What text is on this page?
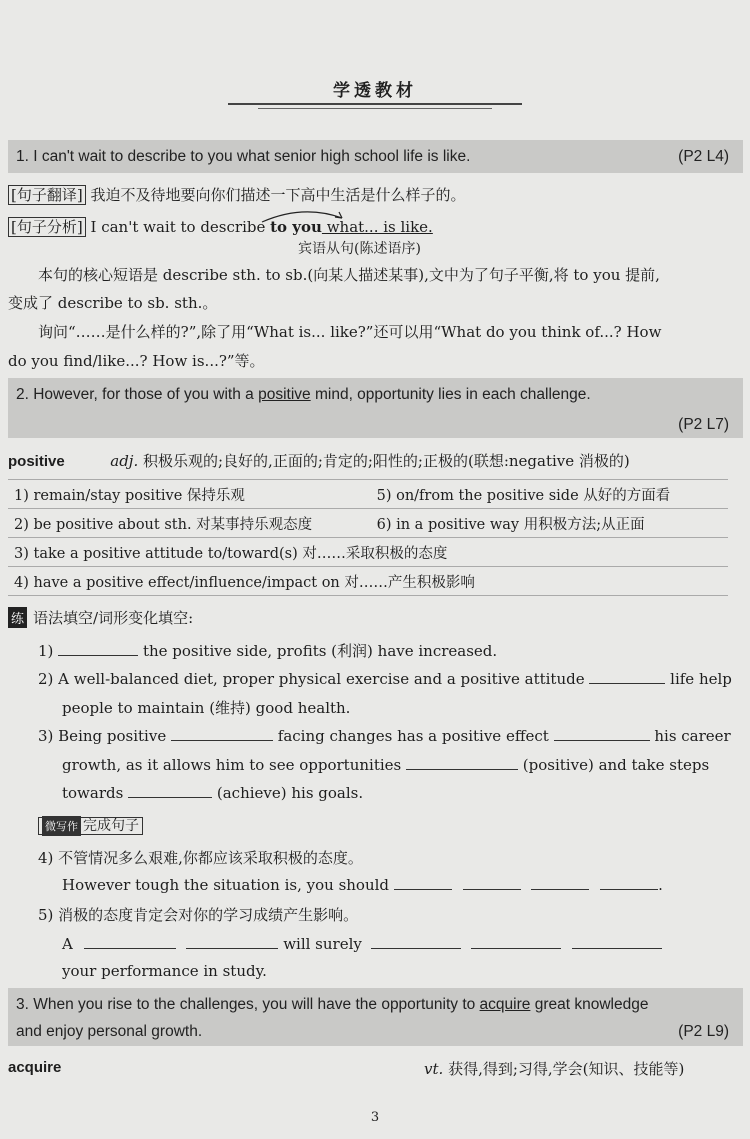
学透教材
1. I can't wait to describe to you what senior high school life is like.	(P2 L4)
[句子翻译] 我迫不及待地要向你们描述一下高中生活是什么样子的。
[句子分析] I can't wait to describe to you what... is like.
宾语从句(陈述语序)
本句的核心短语是 describe sth. to sb.(向某人描述某事),文中为了句子平衡,将 to you 提前,
变成了 describe to sb. sth.。
询问“……是什么样的?”,除了用“What is... like?”还可以用“What do you think of...? How
do you find/like...? How is...?”等。
2. However, for those of you with a positive mind, opportunity lies in each challenge.
(P2 L7)
positive	adj. 积极乐观的;良好的,正面的;肯定的;阳性的;正极的(联想:negative 消极的)
1) remain/stay positive 保持乐观	5) on/from the positive side 从好的方面看
2) be positive about sth. 对某事持乐观态度	6) in a positive way 用积极方法;从正面
3) take a positive attitude to/toward(s) 对……采取积极的态度	
4) have a positive effect/influence/impact on 对……产生积极影响	
练 语法填空/词形变化填空:
1)	the positive side, profits (利润) have increased.
2) A well-balanced diet, proper physical exercise and a positive attitude	life help
people to maintain (维持) good health.
3) Being positive	facing changes has a positive effect	his career
growth, as it allows him to see opportunities	(positive) and take steps
towards	(achieve) his goals.
微写作 完成句子
4) 不管情况多么艰难,你都应该采取积极的态度。
However tough the situation is, you should	.
5) 消极的态度肯定会对你的学习成绩产生影响。
A	will surely
your performance in study.
3. When you rise to the challenges, you will have the opportunity to acquire great knowledge
and enjoy personal growth.	(P2 L9)
acquire	vt. 获得,得到;习得,学会(知识、技能等)
3
